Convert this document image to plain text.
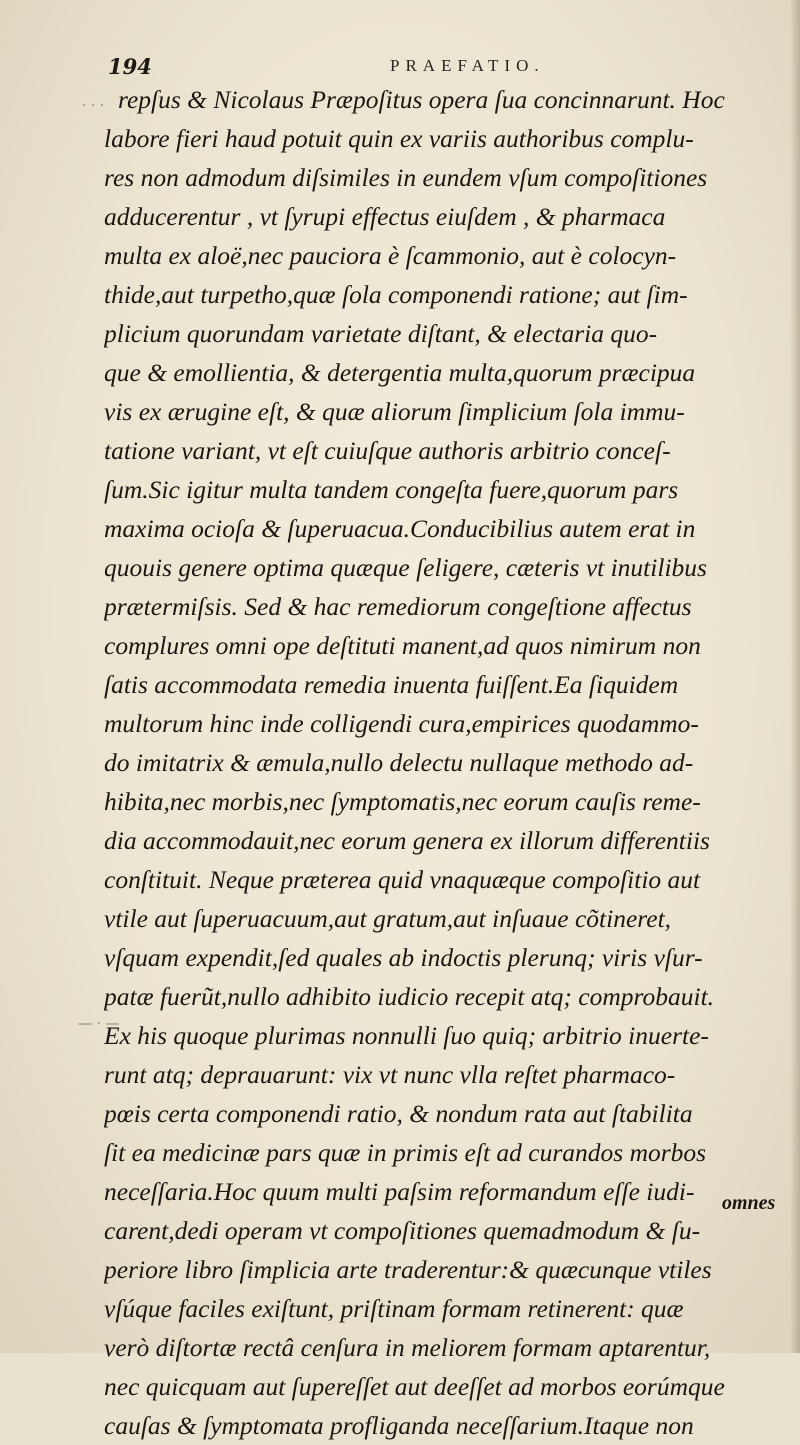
194	PRAEFATIO.
. . .
— · —
repſus & Nicolaus Præpoſitus opera ſua concinnarunt. Hoc
labore fieri haud potuit quin ex variis authoribus complu-
res non admodum diſsimiles in eundem vſum compoſitiones
adducerentur , vt ſyrupi effectus eiuſdem , & pharmaca
multa ex aloë,nec pauciora è ſcammonio, aut è colocyn-
thide,aut turpetho,quæ ſola componendi ratione; aut ſim-
plicium quorundam varietate diſtant, & electaria quo-
que & emollientia, & detergentia multa,quorum præcipua
vis ex ærugine eſt, & quæ aliorum ſimplicium ſola immu-
tatione variant, vt eſt cuiuſque authoris arbitrio conceſ-
ſum.Sic igitur multa tandem congeſta fuere,quorum pars
maxima ocioſa & ſuperuacua.Conducibilius autem erat in
quouis genere optima quæque ſeligere, cæteris vt inutilibus
prætermiſsis. Sed & hac remediorum congeſtione affectus
complures omni ope deſtituti manent,ad quos nimirum non
ſatis accommodata remedia inuenta fuiſſent.Ea ſiquidem
multorum hinc inde colligendi cura,empirices quodammo-
do imitatrix & æmula,nullo delectu nullaque methodo ad-
hibita,nec morbis,nec ſymptomatis,nec eorum cauſis reme-
dia accommodauit,nec eorum genera ex illorum differentiis
conſtituit. Neque præterea quid vnaquæque compoſitio aut
vtile aut ſuperuacuum,aut gratum,aut inſuaue cõtineret,
vſquam expendit,ſed quales ab indoctis plerunq; viris vſur-
patæ fuerũt,nullo adhibito iudicio recepit atq; comprobauit.
Ex his quoque plurimas nonnulli ſuo quiq; arbitrio inuerte-
runt atq; deprauarunt: vix vt nunc vlla reſtet pharmaco-
pœis certa componendi ratio, & nondum rata aut ſtabilita
ſit ea medicinæ pars quæ in primis eſt ad curandos morbos
neceſſaria.Hoc quum multi paſsim reformandum eſſe iudi-
carent,dedi operam vt compoſitiones quemadmodum & ſu-
periore libro ſimplicia arte traderentur:& quæcunque vtiles
vſúque faciles exiſtunt, priſtinam formam retinerent: quæ
verò diſtortæ rectâ cenſura in meliorem formam aptarentur,
nec quicquam aut ſupereſſet aut deeſſet ad morbos eorúmque
cauſas & ſymptomata profliganda neceſſarium.Itaque non
omnes
